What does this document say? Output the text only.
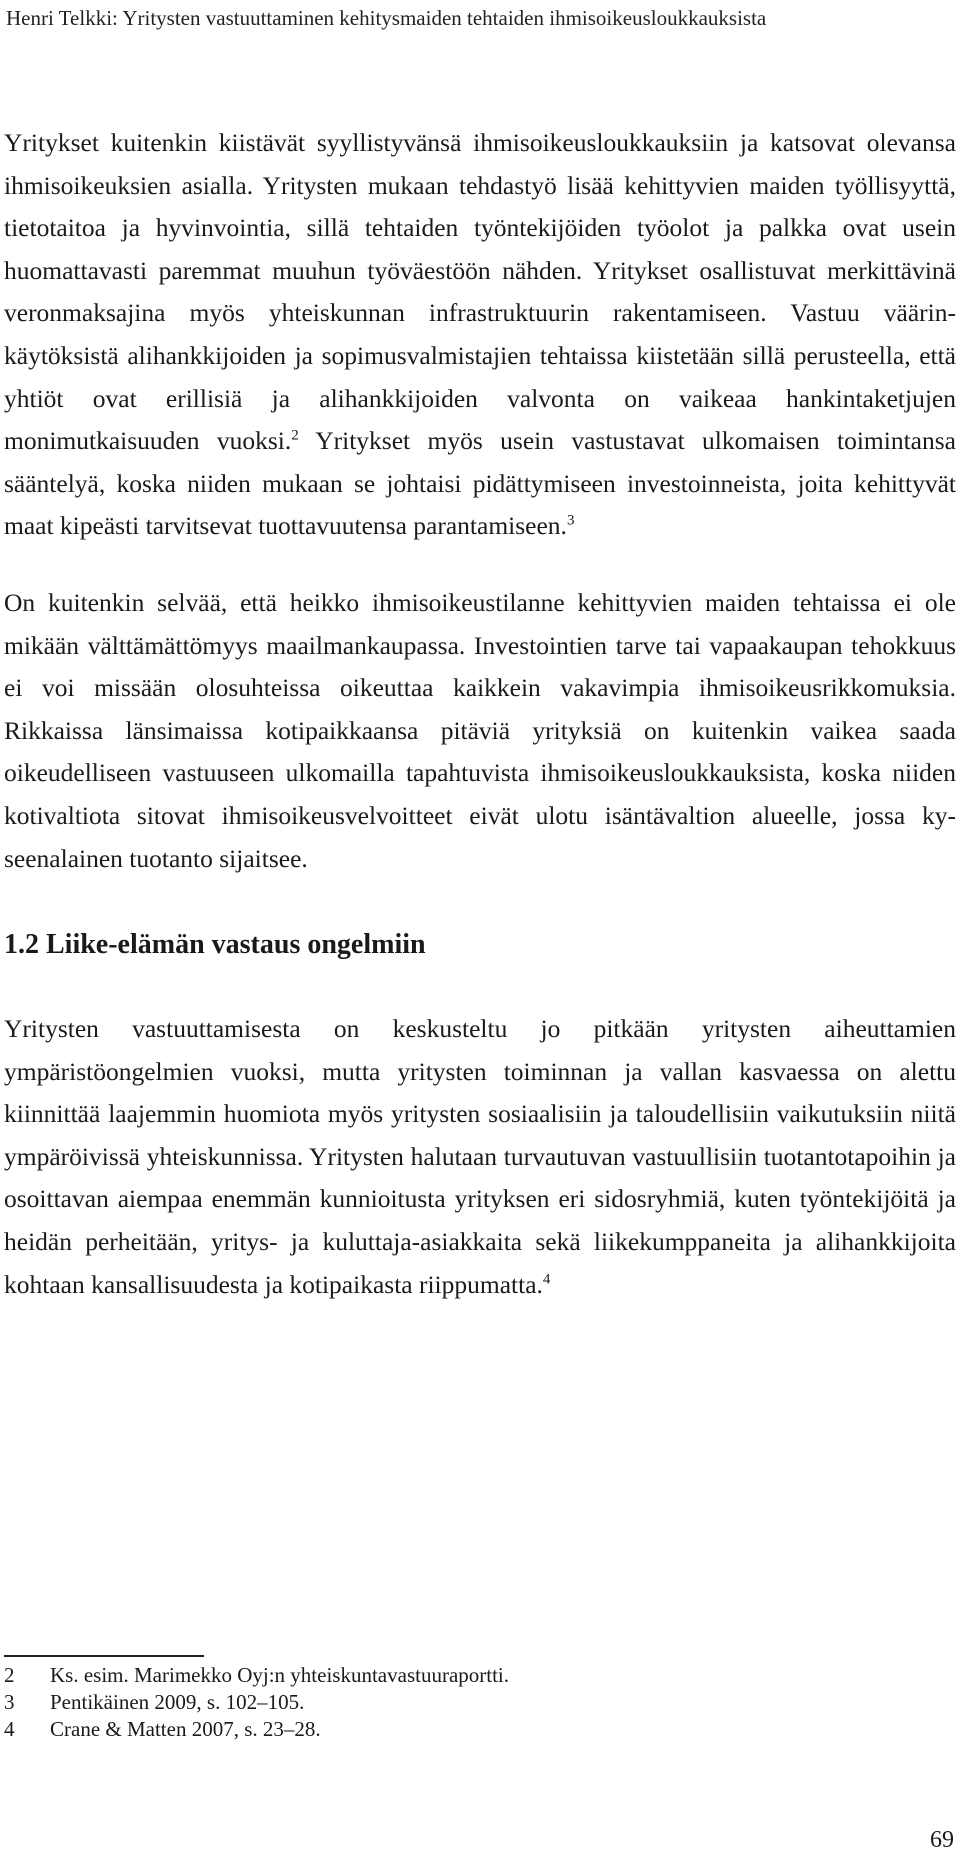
Henri Telkki: Yritysten vastuuttaminen kehitysmaiden tehtaiden ihmisoikeusloukkauksista

Yritykset kuitenkin kiistävät syyllistyvänsä ihmisoikeusloukkauksiin ja katsovat olevansa ihmisoikeuksien asialla. Yritysten mukaan tehdastyö lisää kehittyvien maiden työllisyyttä, tietotaitoa ja hyvinvointia, sillä tehtaiden työntekijöiden työolot ja palkka ovat usein huomattavasti paremmat muuhun työväestöön nähden. Yritykset osallistuvat merkittävinä veronmaksajina myös yhteiskunnan infrastruktuurin rakentamiseen. Vastuu väärinkäytöksistä alihankkijoiden ja sopimusvalmistajien tehtaissa kiistetään sillä perusteella, että yhtiöt ovat erillisiä ja alihankkijoiden valvonta on vaikeaa hankintaketjujen monimutkaisuuden vuoksi.$^2$ Yritykset myös usein vastustavat ulkomaisen toimintansa sääntelyä, koska niiden mukaan se johtaisi pidättymiseen investoinneista, joita kehittyvät maat kipeästi tarvitsevat tuottavuutensa parantamiseen.$^3$

On kuitenkin selvää, että heikko ihmisoikeustilanne kehittyvien maiden tehtaissa ei ole mikään välttämättömyys maailmankaupassa. Investointien tarve tai vapaakaupan tehokkuus ei voi missään olosuhteissa oikeuttaa kaikkein vakavimpia ihmisoikeusrikkomuksia. Rikkaissa länsimaissa kotipaikkaansa pitäviä yrityksiä on kuitenkin vaikea saada oikeudelliseen vastuuseen ulkomailla tapahtuvista ihmisoikeusloukkauksista, koska niiden kotivaltiota sitovat ihmisoikeusvelvoitteet eivät ulotu isäntävaltion alueelle, jossa kyseenalainen tuotanto sijaitsee.

1.2 Liike-elämän vastaus ongelmiin

Yritysten vastuuttamisesta on keskusteltu jo pitkään yritysten aiheuttamien ympäristöongelmien vuoksi, mutta yritysten toiminnan ja vallan kasvaessa on alettu kiinnittää laajemmin huomiota myös yritysten sosiaalisiin ja taloudellisiin vaikutuksiin niitä ympäröivissä yhteiskunnissa. Yritysten halutaan turvautuvan vastuullisiin tuotantotapoihin ja osoittavan aiempaa enemmän kunnioitusta yrityksen eri sidosryhmiä, kuten työntekijöitä ja heidän perheitään, yritys- ja kuluttaja-asiakkaita sekä liikekumppaneita ja alihankkijoita kohtaan kansallisuudesta ja kotipaikasta riippumatta.$^4$

2	Ks. esim. Marimekko Oyj:n yhteiskuntavastuuraportti.
3	Pentikäinen 2009, s. 102–105.
4	Crane & Matten 2007, s. 23–28.
69
